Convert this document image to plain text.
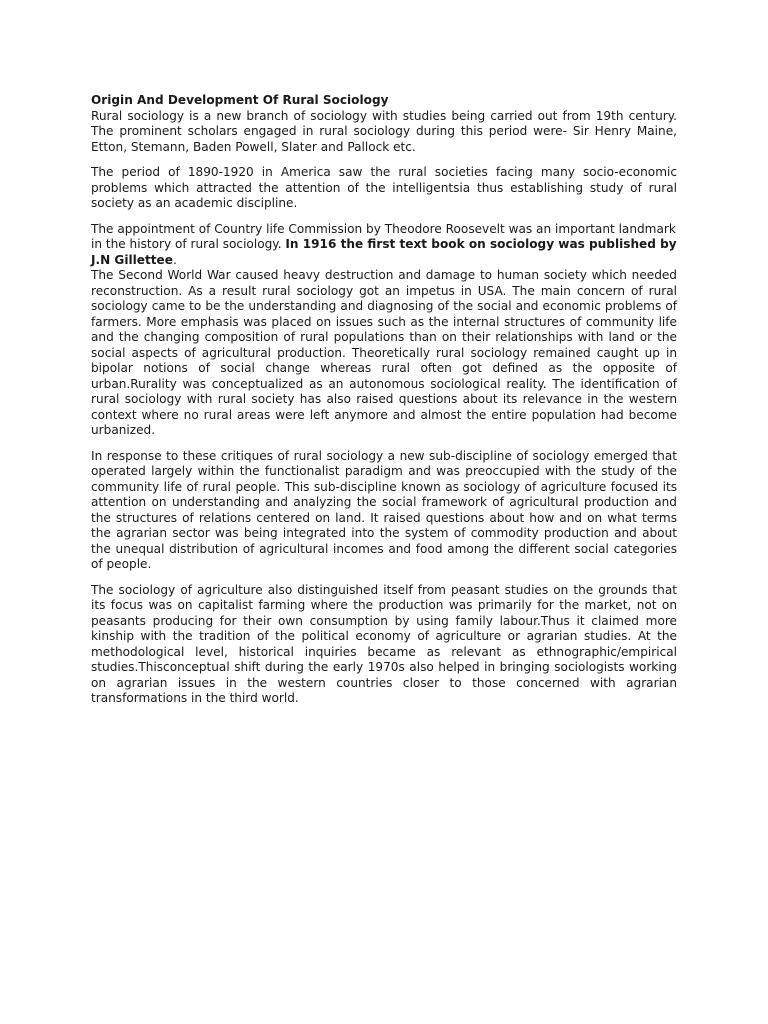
Origin And Development Of Rural Sociology

Rural sociology is a new branch of sociology with studies being carried out from 19th century. The prominent scholars engaged in rural sociology during this period were- Sir Henry Maine, Etton, Stemann, Baden Powell, Slater and Pallock etc.

The period of 1890-1920 in America saw the rural societies facing many socio-economic problems which attracted the attention of the intelligentsia thus establishing study of rural society as an academic discipline.

The appointment of Country life Commission by Theodore Roosevelt was an important landmark in the history of rural sociology. In 1916 the first text book on sociology was published by J.N Gillettee.

The Second World War caused heavy destruction and damage to human society which needed reconstruction. As a result rural sociology got an impetus in USA. The main concern of rural sociology came to be the understanding and diagnosing of the social and economic problems of farmers. More emphasis was placed on issues such as the internal structures of community life and the changing composition of rural populations than on their relationships with land or the social aspects of agricultural production. Theoretically rural sociology remained caught up in bipolar notions of social change whereas rural often got defined as the opposite of urban.Rurality was conceptualized as an autonomous sociological reality. The identification of rural sociology with rural society has also raised questions about its relevance in the western context where no rural areas were left anymore and almost the entire population had become urbanized.

In response to these critiques of rural sociology a new sub-discipline of sociology emerged that operated largely within the functionalist paradigm and was preoccupied with the study of the community life of rural people. This sub-discipline known as sociology of agriculture focused its attention on understanding and analyzing the social framework of agricultural production and the structures of relations centered on land. It raised questions about how and on what terms the agrarian sector was being integrated into the system of commodity production and about the unequal distribution of agricultural incomes and food among the different social categories of people.

The sociology of agriculture also distinguished itself from peasant studies on the grounds that its focus was on capitalist farming where the production was primarily for the market, not on peasants producing for their own consumption by using family labour.Thus it claimed more kinship with the tradition of the political economy of agriculture or agrarian studies. At the methodological level, historical inquiries became as relevant as ethnographic/empirical studies.Thisconceptual shift during the early 1970s also helped in bringing sociologists working on agrarian issues in the western countries closer to those concerned with agrarian transformations in the third world.
